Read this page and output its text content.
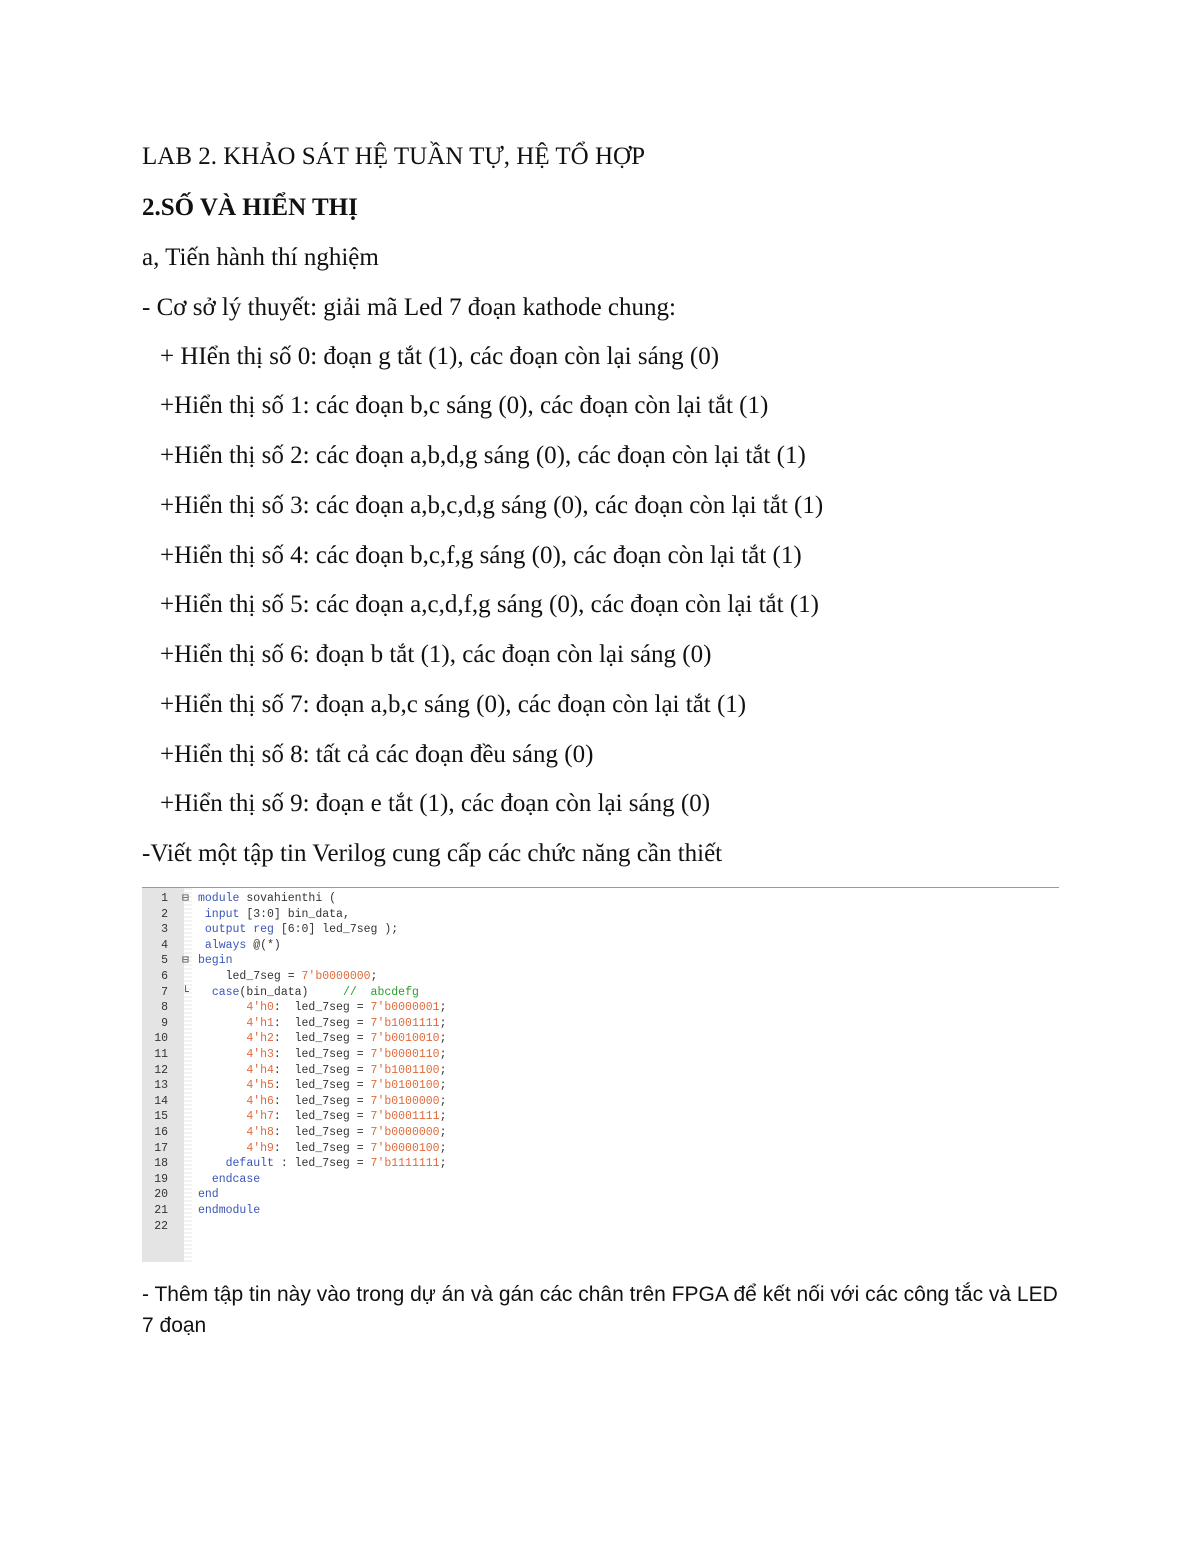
LAB 2. KHẢO SÁT HỆ TUẦN TỰ, HỆ TỔ HỢP
2.SỐ VÀ HIỂN THỊ
a, Tiến hành thí nghiệm
- Cơ sở lý thuyết: giải mã Led 7 đoạn kathode chung:
+ HIển thị số 0: đoạn g tắt (1), các đoạn còn lại sáng (0)
+Hiển thị số 1: các đoạn b,c sáng (0), các đoạn còn lại tắt (1)
+Hiển thị số 2: các đoạn a,b,d,g sáng (0), các đoạn còn lại tắt (1)
+Hiển thị số 3: các đoạn a,b,c,d,g sáng (0), các đoạn còn lại tắt (1)
+Hiển thị số 4: các đoạn b,c,f,g sáng (0), các đoạn còn lại tắt (1)
+Hiển thị số 5: các đoạn a,c,d,f,g sáng (0), các đoạn còn lại tắt (1)
+Hiển thị số 6: đoạn b tắt (1), các đoạn còn lại sáng (0)
+Hiển thị số 7: đoạn a,b,c sáng (0), các đoạn còn lại tắt (1)
+Hiển thị số 8: tất cả các đoạn đều sáng (0)
+Hiển thị số 9: đoạn e tắt (1), các đoạn còn lại sáng (0)
-Viết một tập tin Verilog cung cấp các chức năng cần thiết
1 ⊟ module sovahienthi (
2	input [3:0] bin_data,
3	output reg [6:0] led_7seg );
4	always @(*)
5 ⊟ begin
6	led_7seg = 7'b0000000;
7 └	case(bin_data)     //  abcdefg
8	4'h0:  led_7seg = 7'b0000001;
9	4'h1:  led_7seg = 7'b1001111;
10	4'h2:  led_7seg = 7'b0010010;
11	4'h3:  led_7seg = 7'b0000110;
12	4'h4:  led_7seg = 7'b1001100;
13	4'h5:  led_7seg = 7'b0100100;
14	4'h6:  led_7seg = 7'b0100000;
15	4'h7:  led_7seg = 7'b0001111;
16	4'h8:  led_7seg = 7'b0000000;
17	4'h9:  led_7seg = 7'b0000100;
18	default : led_7seg = 7'b1111111;
19	endcase
20	end
21	endmodule
22
- Thêm tập tin này vào trong dự án và gán các chân trên FPGA để kết nối với các công tắc và LED 7 đoạn
